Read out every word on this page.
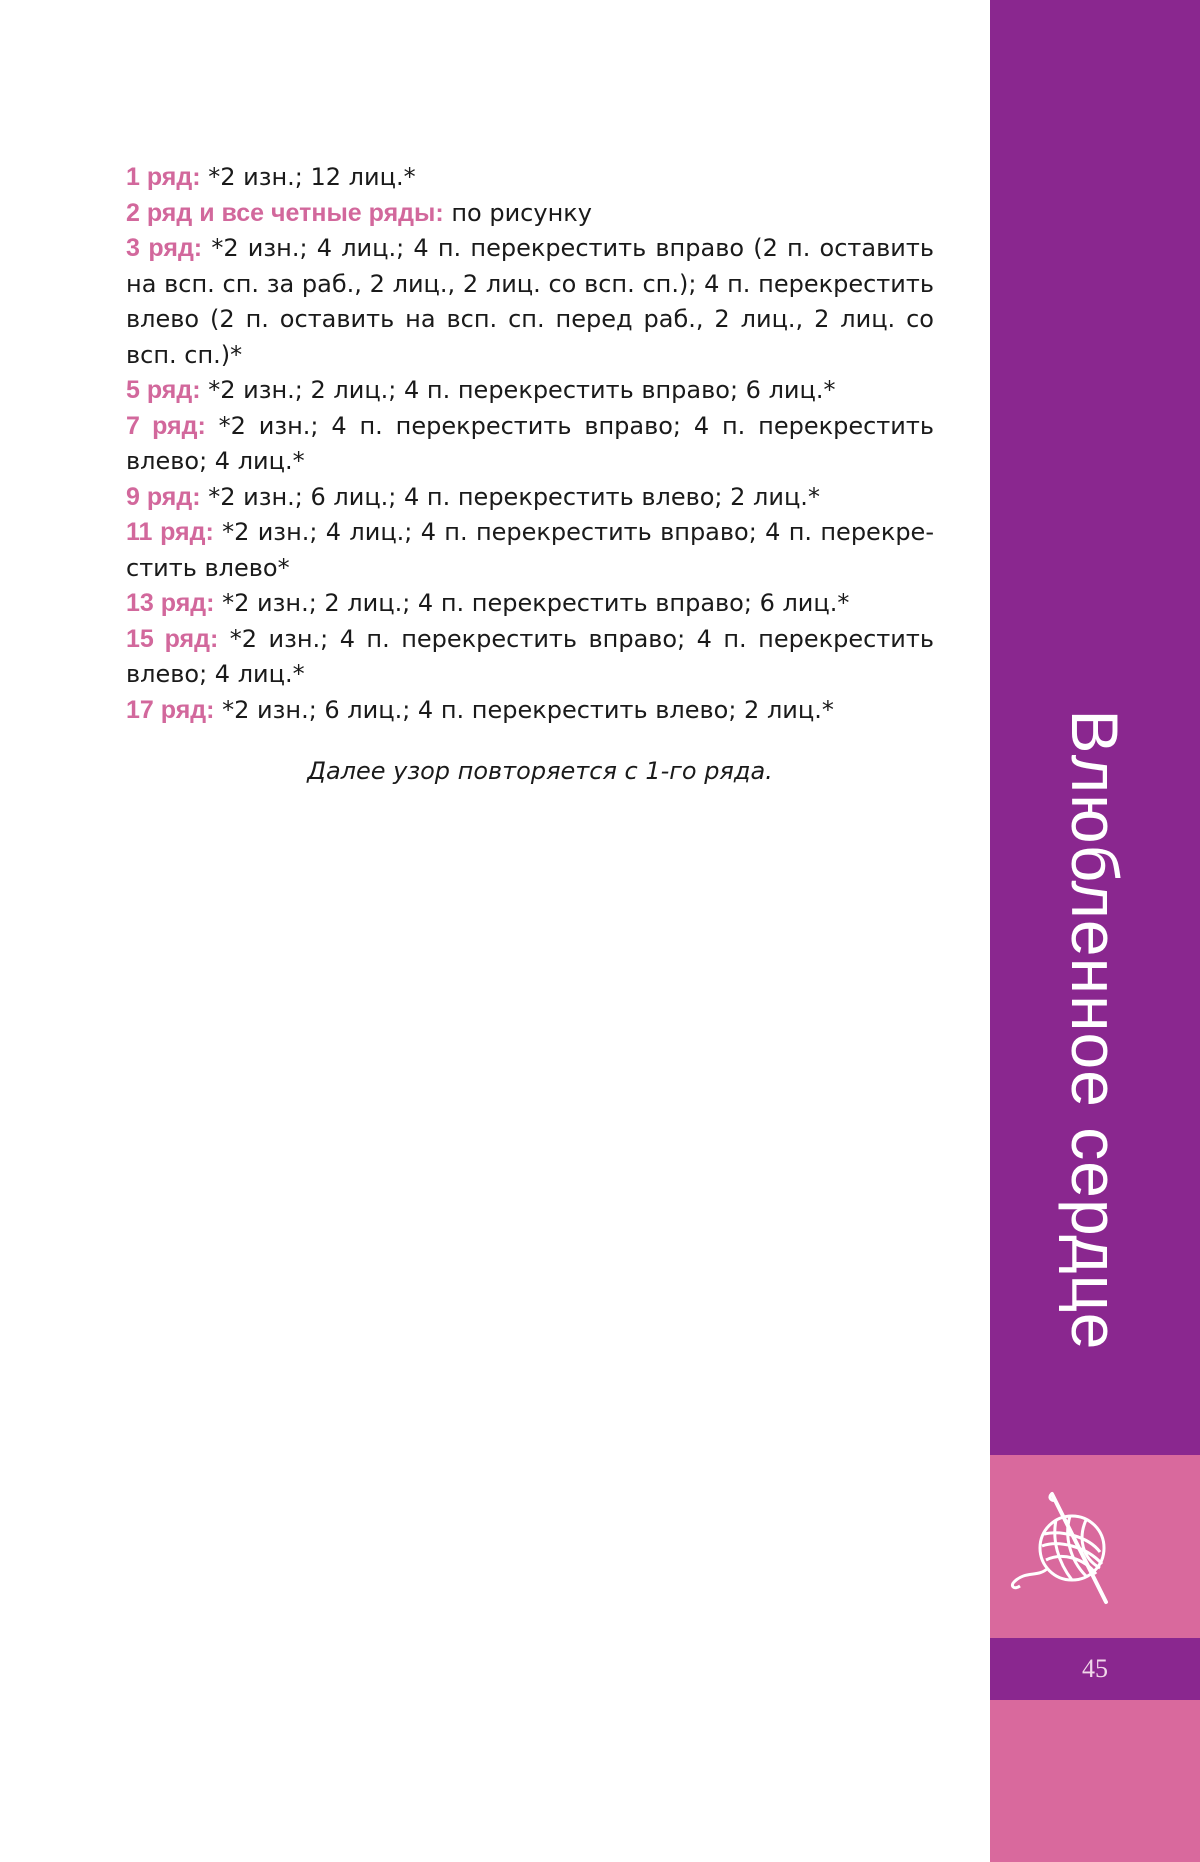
1 ряд: *2 изн.; 12 лиц.*

2 ряд и все четные ряды: по рисунку

3 ряд: *2 изн.; 4 лиц.; 4 п. перекрестить вправо (2 п. оставить на всп. сп. за раб., 2 лиц., 2 лиц. со всп. сп.); 4 п. перекрестить влево (2 п. оставить на всп. сп. перед раб., 2 лиц., 2 лиц. со всп. сп.)*

5 ряд: *2 изн.; 2 лиц.; 4 п. перекрестить вправо; 6 лиц.*

7 ряд: *2 изн.; 4 п. перекрестить вправо; 4 п. перекрестить влево; 4 лиц.*

9 ряд: *2 изн.; 6 лиц.; 4 п. перекрестить влево; 2 лиц.*

11 ряд: *2 изн.; 4 лиц.; 4 п. перекрестить вправо; 4 п. перекрестить влево*

13 ряд: *2 изн.; 2 лиц.; 4 п. перекрестить вправо; 6 лиц.*

15 ряд: *2 изн.; 4 п. перекрестить вправо; 4 п. перекрестить влево; 4 лиц.*

17 ряд: *2 изн.; 6 лиц.; 4 п. перекрестить влево; 2 лиц.*

Далее узор повторяется с 1-го ряда.

45
Влюбленное сердце
